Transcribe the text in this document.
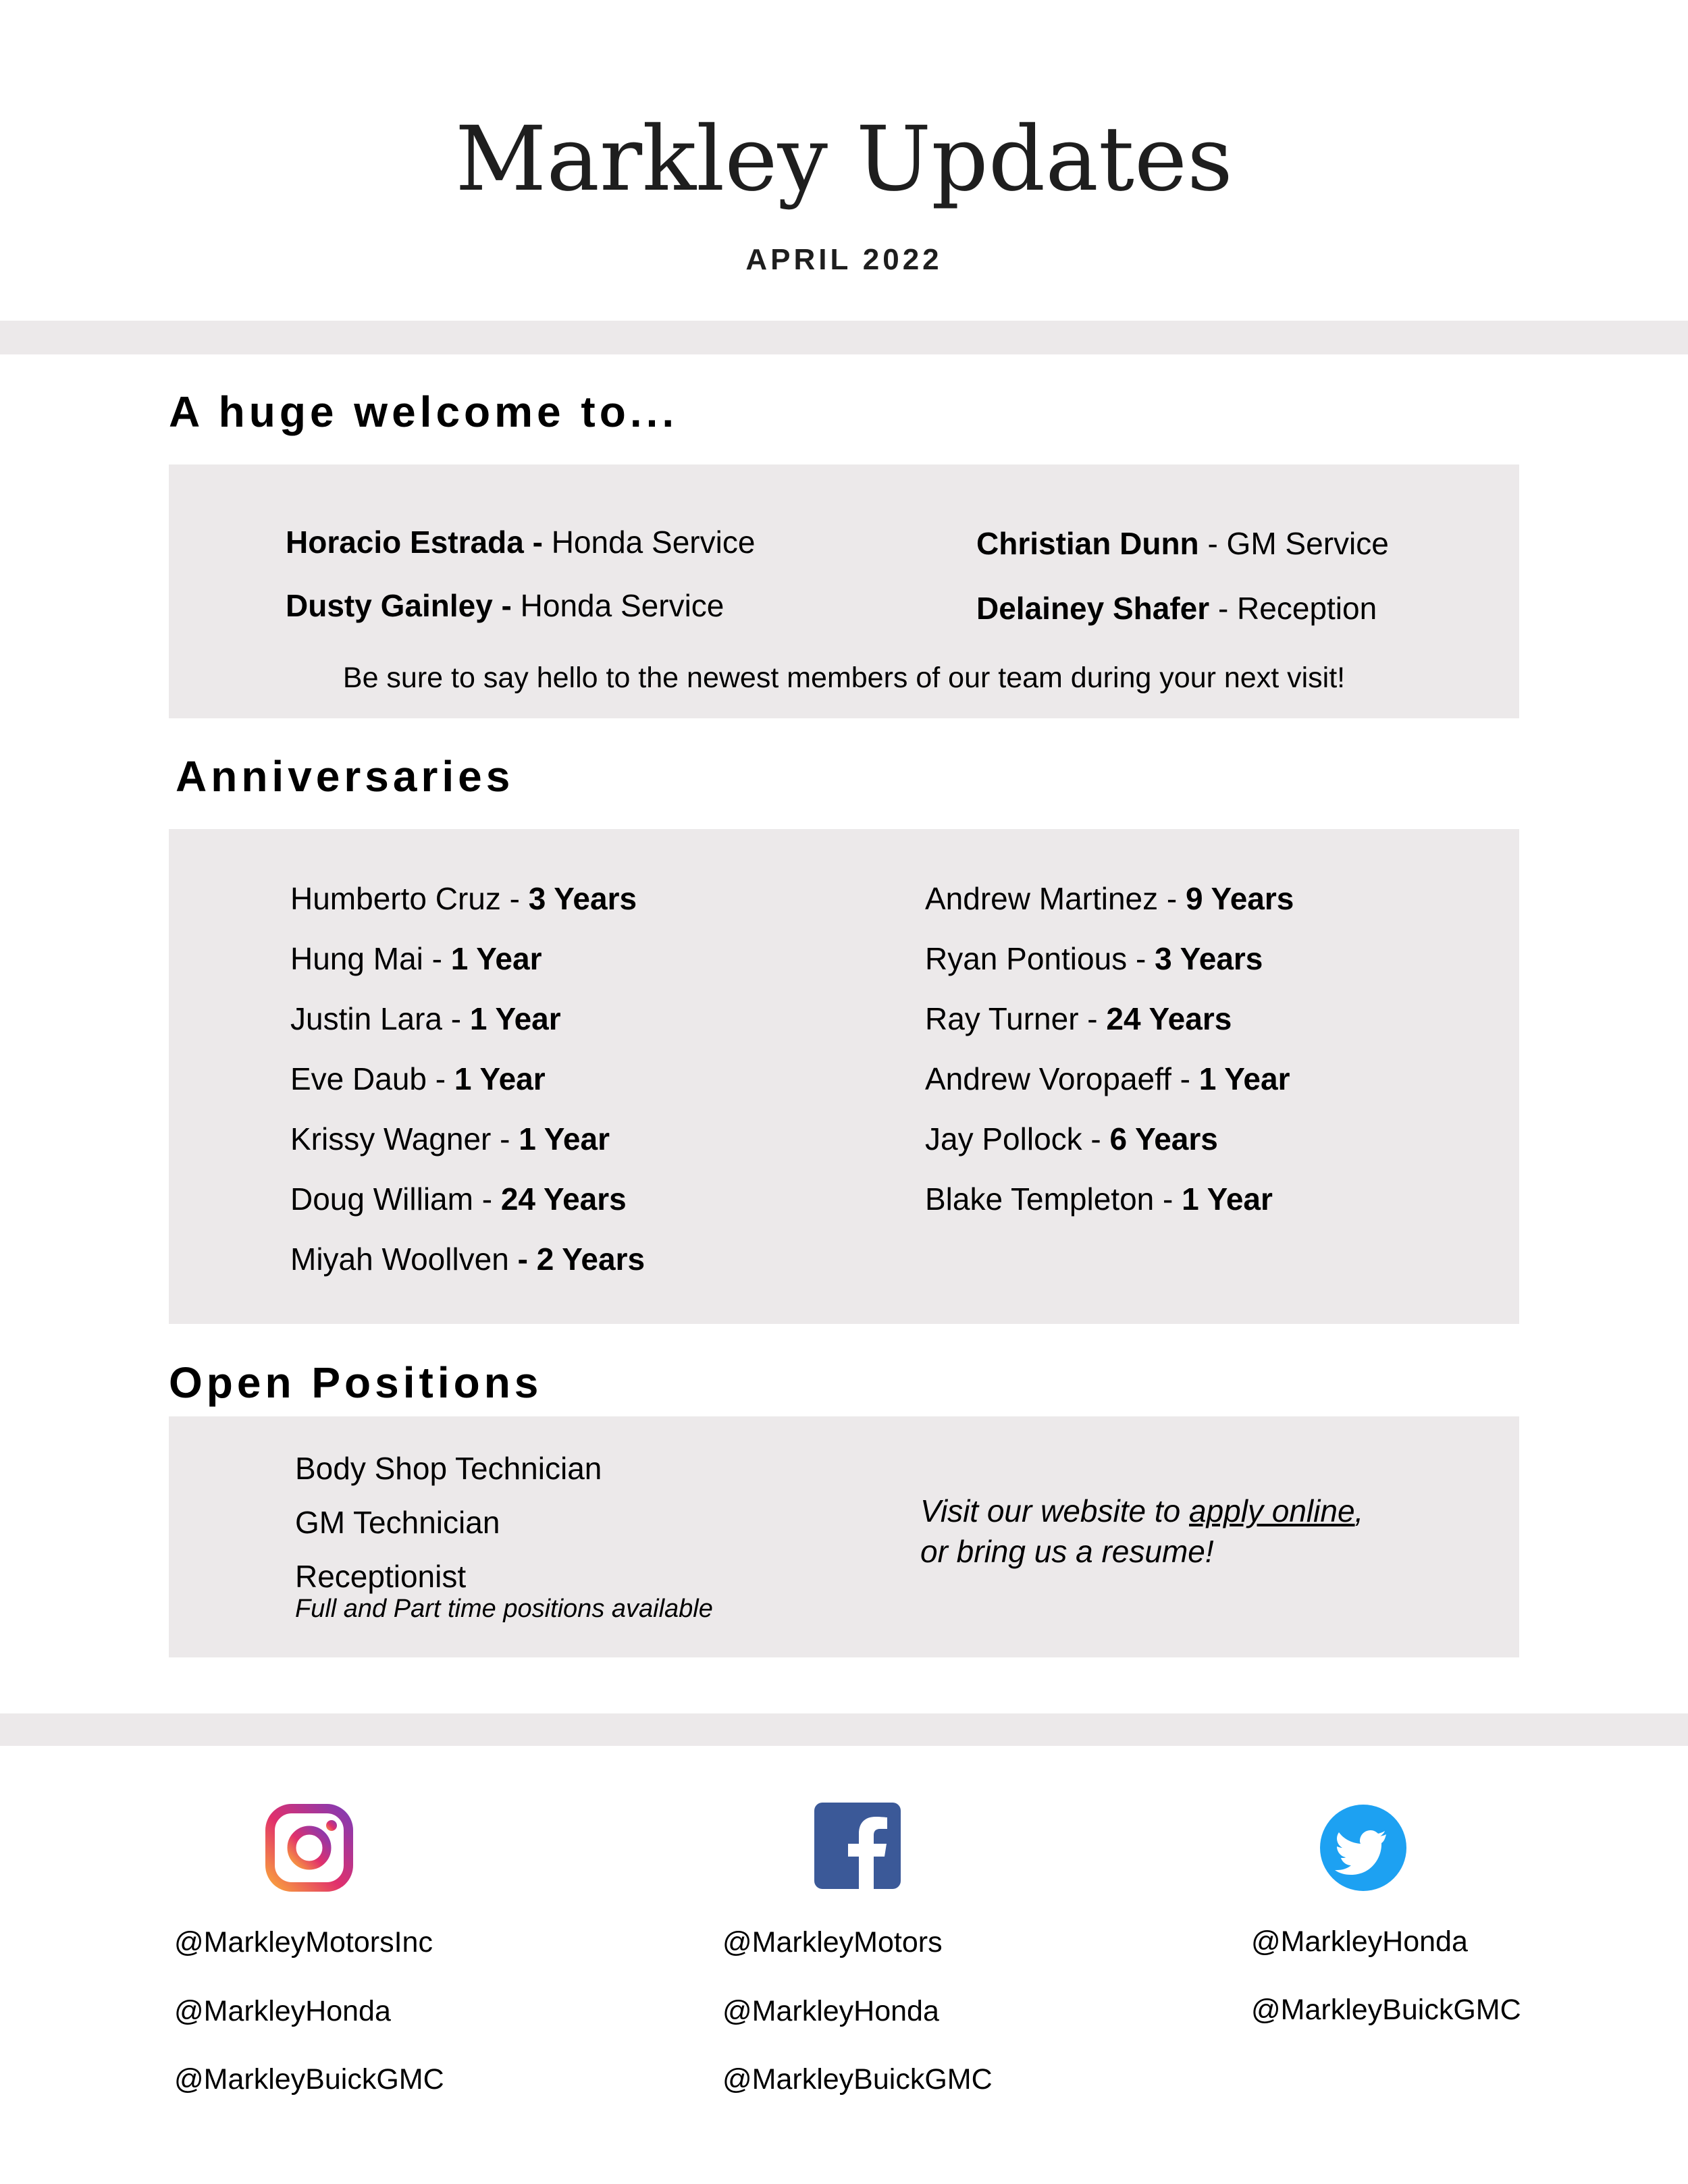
Markley Updates
APRIL 2022
A huge welcome to...
Horacio Estrada - Honda Service	Christian Dunn - GM Service
Dusty Gainley - Honda Service	Delainey Shafer - Reception
Be sure to say hello to the newest members of our team during your next visit!
Anniversaries
Humberto Cruz - 3 Years
Hung Mai - 1 Year
Justin Lara - 1 Year
Eve Daub - 1 Year
Krissy Wagner - 1 Year
Doug William - 24 Years
Miyah Woollven - 2 Years
Andrew Martinez - 9 Years
Ryan Pontious - 3 Years
Ray Turner - 24 Years
Andrew Voropaeff - 1 Year
Jay Pollock - 6 Years
Blake Templeton - 1 Year
Open Positions
Body Shop Technician
GM Technician
Receptionist
Full and Part time positions available
Visit our website to apply online, or bring us a resume!
@MarkleyMotorsInc
@MarkleyHonda
@MarkleyBuickGMC
@MarkleyMotors
@MarkleyHonda
@MarkleyBuickGMC
@MarkleyHonda
@MarkleyBuickGMC
